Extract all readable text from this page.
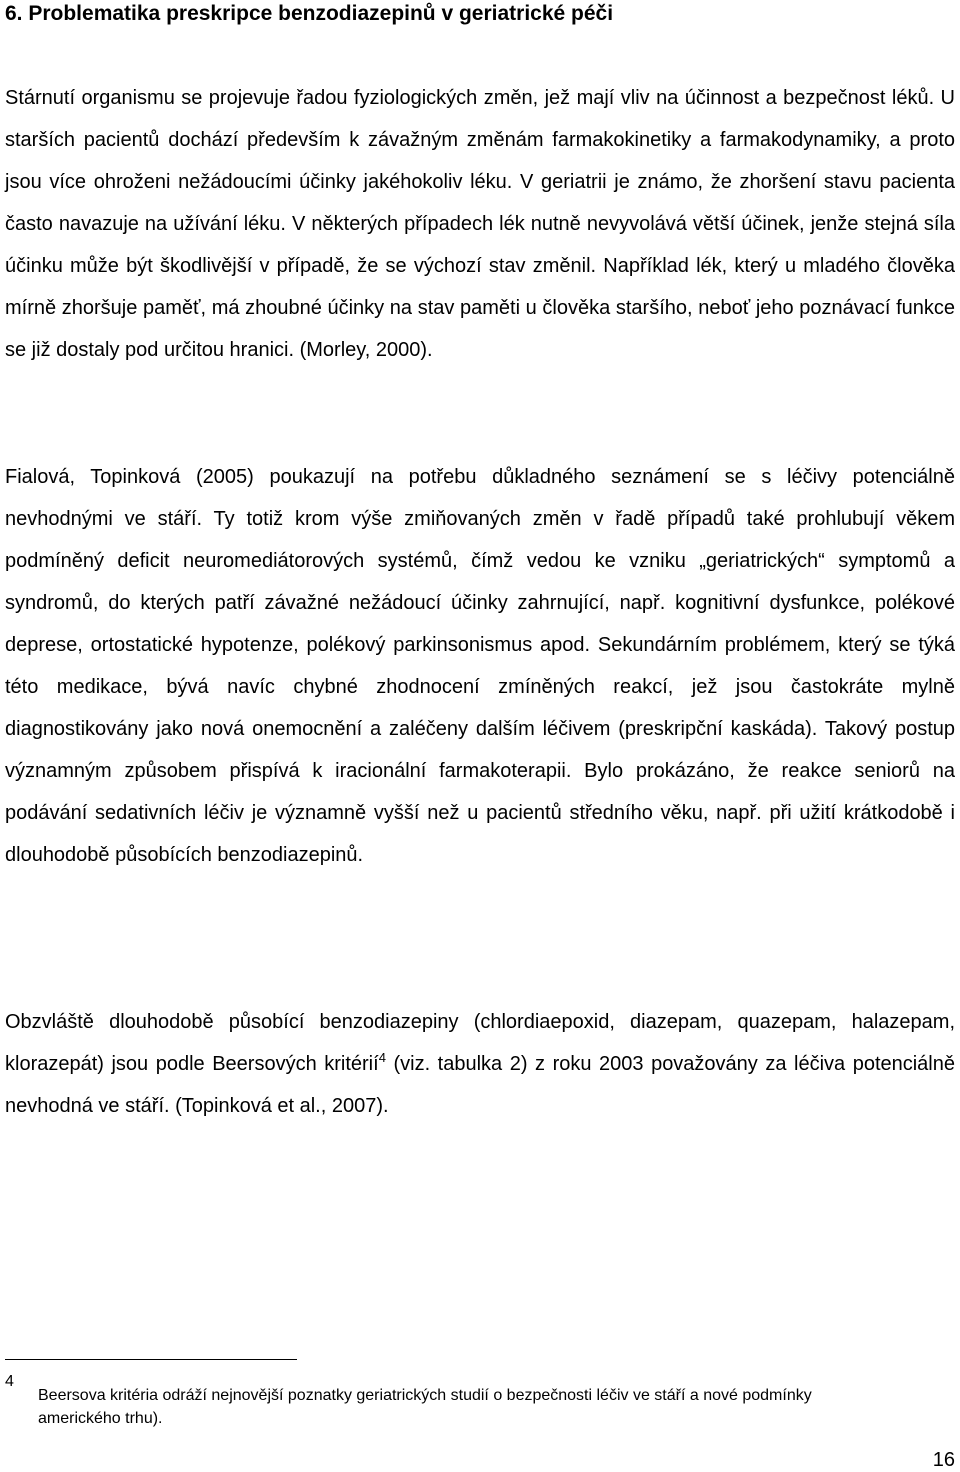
6. Problematika preskripce benzodiazepinů v geriatrické péči

Stárnutí organismu se projevuje řadou fyziologických změn, jež mají vliv na účinnost a bezpečnost léků. U starších pacientů dochází především k závažným změnám farmakokinetiky a farmakodynamiky, a proto jsou více ohroženi nežádoucími účinky jakéhokoliv léku. V geriatrii je známo, že zhoršení stavu pacienta často navazuje na užívání léku. V některých případech lék nutně nevyvolává větší účinek, jenže stejná síla účinku může být škodlivější v případě, že se výchozí stav změnil. Například lék, který u mladého člověka mírně zhoršuje paměť, má zhoubné účinky na stav paměti u člověka staršího, neboť jeho poznávací funkce se již dostaly pod určitou hranici. (Morley, 2000).

Fialová, Topinková (2005) poukazují na potřebu důkladného seznámení se s léčivy potenciálně nevhodnými ve stáří. Ty totiž krom výše zmiňovaných změn v řadě případů také prohlubují věkem podmíněný deficit neuromediátorových systémů, čímž vedou ke vzniku „geriatrických“ symptomů a syndromů, do kterých patří závažné nežádoucí účinky zahrnující, např. kognitivní dysfunkce, polékové deprese, ortostatické hypotenze, polékový parkinsonismus apod. Sekundárním problémem, který se týká této medikace, bývá navíc chybné zhodnocení zmíněných reakcí, jež jsou častokráte mylně diagnostikovány jako nová onemocnění a zaléčeny dalším léčivem (preskripční kaskáda). Takový postup významným způsobem přispívá k iracionální farmakoterapii. Bylo prokázáno, že reakce seniorů na podávání sedativních léčiv je významně vyšší než u pacientů středního věku, např. při užití krátkodobě i dlouhodobě působících benzodiazepinů.

Obzvláště dlouhodobě působící benzodiazepiny (chlordiaepoxid, diazepam, quazepam, halazepam, klorazepát) jsou podle Beersových kritérií$^4$ (viz. tabulka 2) z roku 2003 považovány za léčiva potenciálně nevhodná ve stáří. (Topinková et al., 2007).

4

Beersova kritéria odráží nejnovější poznatky geriatrických studií o bezpečnosti léčiv ve stáří a nové podmínky amerického trhu).

16
